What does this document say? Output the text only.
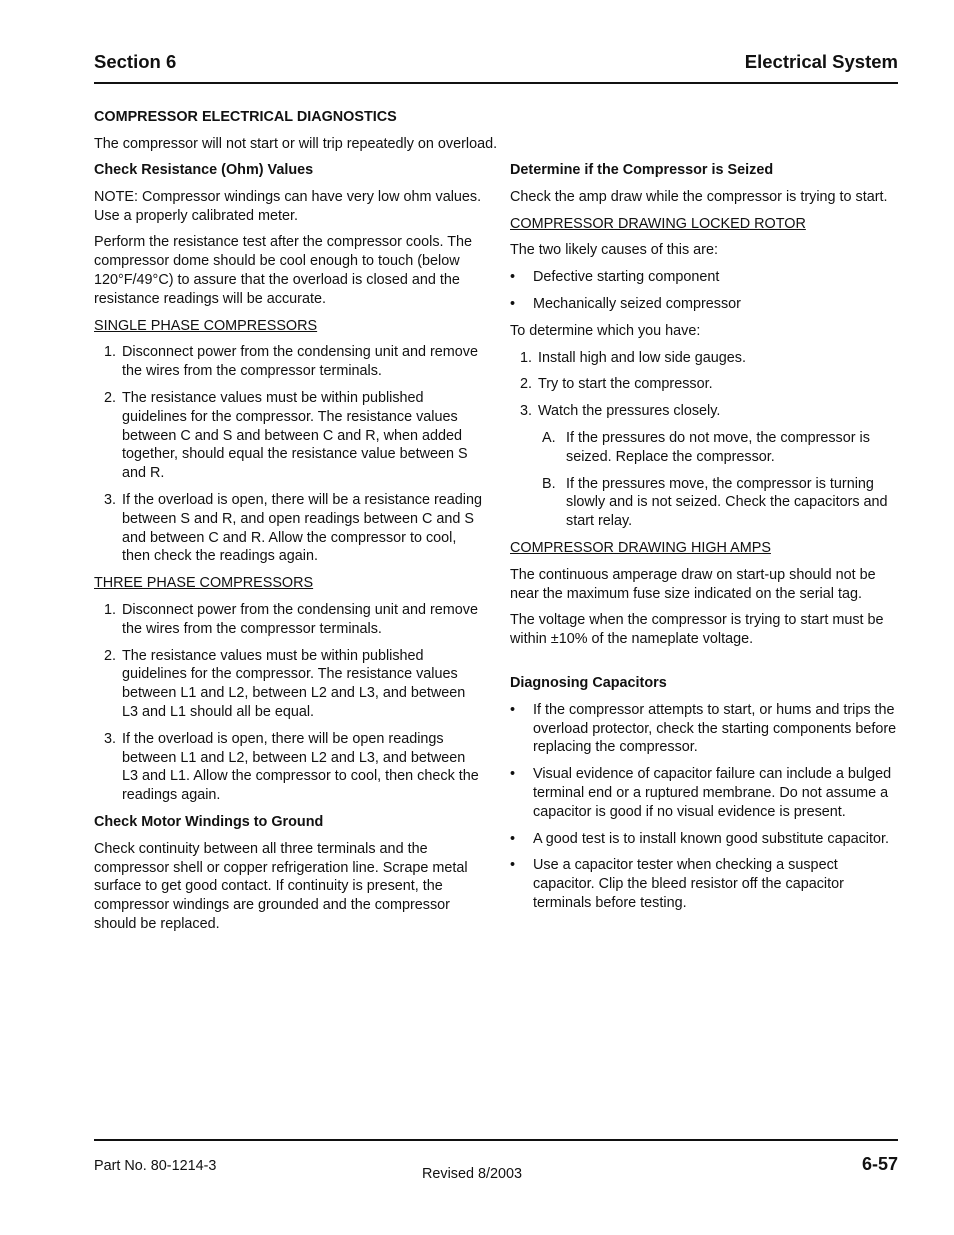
Section 6	Electrical System
COMPRESSOR ELECTRICAL DIAGNOSTICS
The compressor will not start or will trip repeatedly on overload.
Check Resistance (Ohm) Values

NOTE: Compressor windings can have very low ohm values. Use a properly calibrated meter.

Perform the resistance test after the compressor cools. The compressor dome should be cool enough to touch (below 120°F/49°C) to assure that the overload is closed and the resistance readings will be accurate.

SINGLE PHASE COMPRESSORS
1. Disconnect power from the condensing unit and remove the wires from the compressor terminals.
2. The resistance values must be within published guidelines for the compressor. The resistance values between C and S and between C and R, when added together, should equal the resistance value between S and R.
3. If the overload is open, there will be a resistance reading between S and R, and open readings between C and S and between C and R. Allow the compressor to cool, then check the readings again.
THREE PHASE COMPRESSORS
1. Disconnect power from the condensing unit and remove the wires from the compressor terminals.
2. The resistance values must be within published guidelines for the compressor. The resistance values between L1 and L2, between L2 and L3, and between L3 and L1 should all be equal.
3. If the overload is open, there will be open readings between L1 and L2, between L2 and L3, and between L3 and L1. Allow the compressor to cool, then check the readings again.
Check Motor Windings to Ground

Check continuity between all three terminals and the compressor shell or copper refrigeration line. Scrape metal surface to get good contact. If continuity is present, the compressor windings are grounded and the compressor should be replaced.

Determine if the Compressor is Seized

Check the amp draw while the compressor is trying to start.

COMPRESSOR DRAWING LOCKED ROTOR

The two likely causes of this are:

• Defective starting component
• Mechanically seized compressor

To determine which you have:

1. Install high and low side gauges.
2. Try to start the compressor.
3. Watch the pressures closely.
A. If the pressures do not move, the compressor is seized. Replace the compressor.
B. If the pressures move, the compressor is turning slowly and is not seized. Check the capacitors and start relay.
COMPRESSOR DRAWING HIGH AMPS

The continuous amperage draw on start-up should not be near the maximum fuse size indicated on the serial tag.

The voltage when the compressor is trying to start must be within ±10% of the nameplate voltage.

Diagnosing Capacitors
• If the compressor attempts to start, or hums and trips the overload protector, check the starting components before replacing the compressor.
• Visual evidence of capacitor failure can include a bulged terminal end or a ruptured membrane. Do not assume a capacitor is good if no visual evidence is present.
• A good test is to install known good substitute capacitor.
• Use a capacitor tester when checking a suspect capacitor. Clip the bleed resistor off the capacitor terminals before testing.
Part No. 80-1214-3	Revised 8/2003	6-57
